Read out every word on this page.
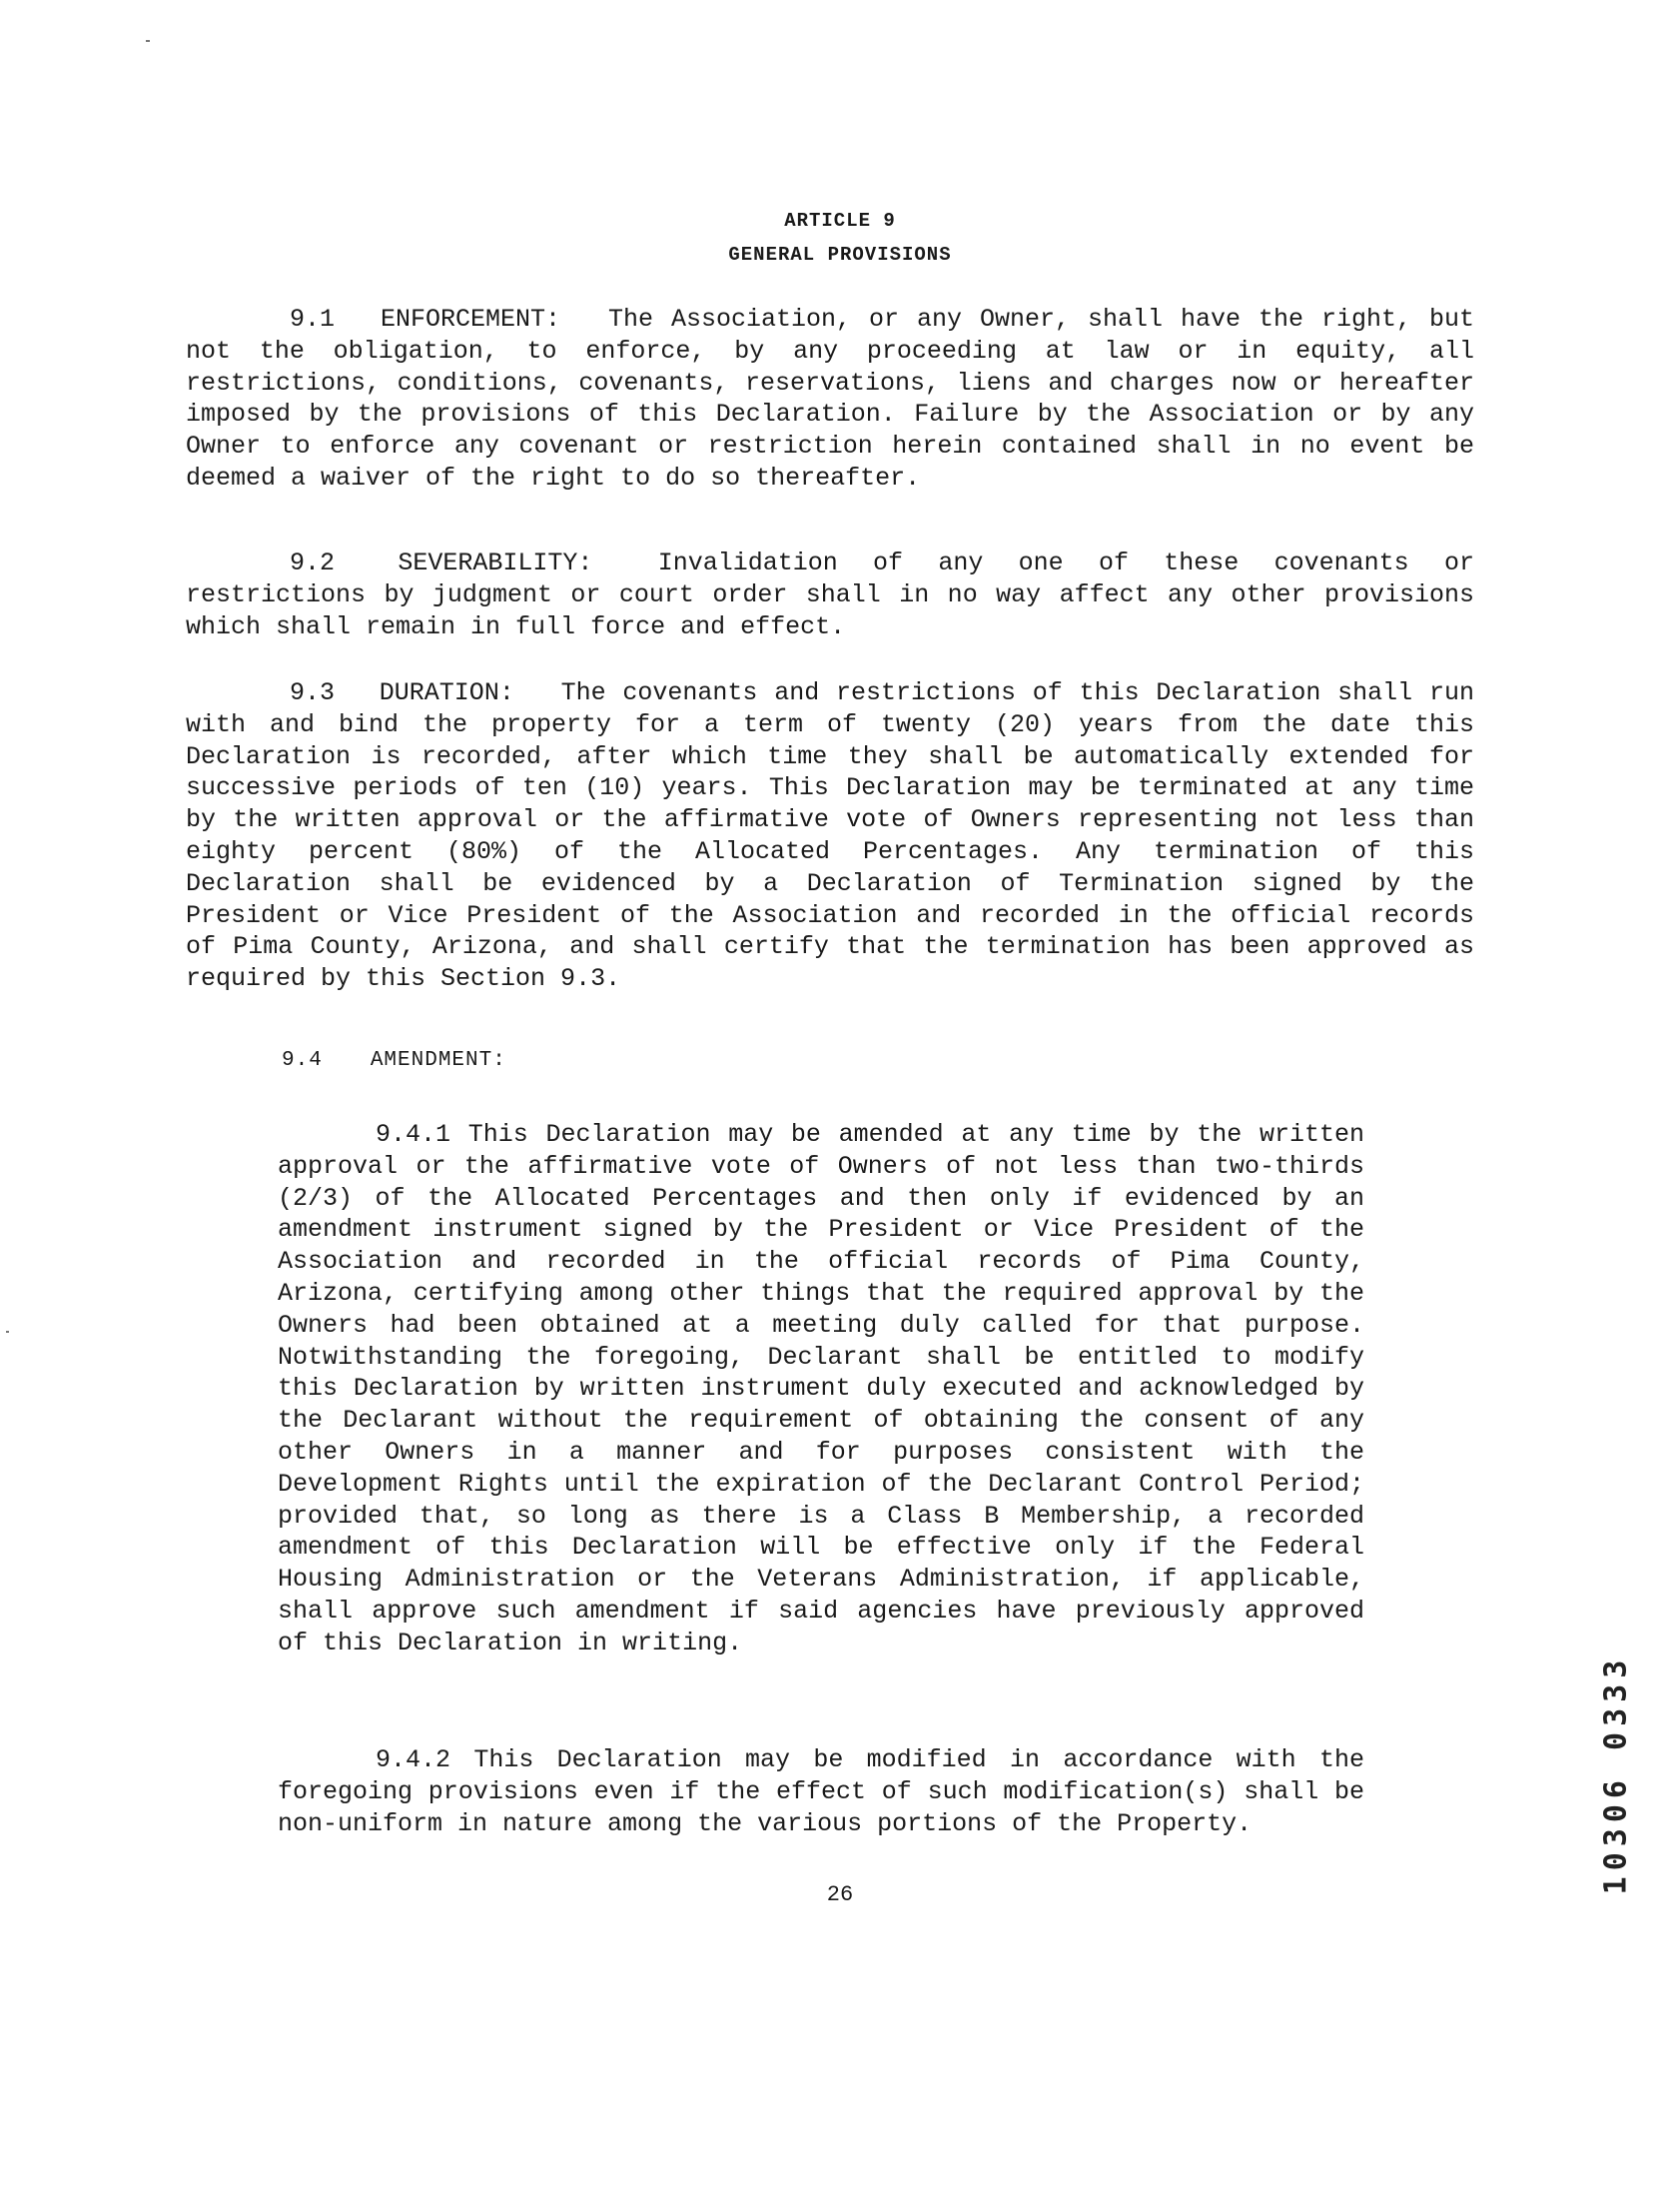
ARTICLE 9
GENERAL PROVISIONS
9.1 ENFORCEMENT: The Association, or any Owner, shall have the right, but not the obligation, to enforce, by any proceeding at law or in equity, all restrictions, conditions, covenants, reservations, liens and charges now or hereafter imposed by the provisions of this Declaration. Failure by the Association or by any Owner to enforce any covenant or restriction herein contained shall in no event be deemed a waiver of the right to do so thereafter.
9.2	SEVERABILITY:	Invalidation of any one of these covenants or restrictions by judgment or court order shall in no way affect any other provisions which shall remain in full force and effect.
9.3 DURATION: The covenants and restrictions of this Declaration shall run with and bind the property for a term of twenty (20) years from the date this Declaration is recorded, after which time they shall be automatically extended for successive periods of ten (10) years. This Declaration may be terminated at any time by the written approval or the affirmative vote of Owners representing not less than eighty percent (80%) of the Allocated Percentages. Any termination of this Declaration shall be evidenced by a Declaration of Termination signed by the President or Vice President of the Association and recorded in the official records of Pima County, Arizona, and shall certify that the termination has been approved as required by this Section 9.3.
9.4 AMENDMENT:
9.4.1 This Declaration may be amended at any time by the written approval or the affirmative vote of Owners of not less than two-thirds (2/3) of the Allocated Percentages and then only if evidenced by an amendment instrument signed by the President or Vice President of the Association and recorded in the official records of Pima County, Arizona, certifying among other things that the required approval by the Owners had been obtained at a meeting duly called for that purpose. Notwithstanding the foregoing, Declarant shall be entitled to modify this Declaration by written instrument duly executed and acknowledged by the Declarant without the requirement of obtaining the consent of any other Owners in a manner and for purposes consistent with the Development Rights until the expiration of the Declarant Control Period; provided that, so long as there is a Class B Membership, a recorded amendment of this Declaration will be effective only if the Federal Housing Administration or the Veterans Administration, if applicable, shall approve such amendment if said agencies have previously approved of this Declaration in writing.
9.4.2 This Declaration may be modified in accordance with the foregoing provisions even if the effect of such modification(s) shall be non-uniform in nature among the various portions of the Property.
26
10306 0333
